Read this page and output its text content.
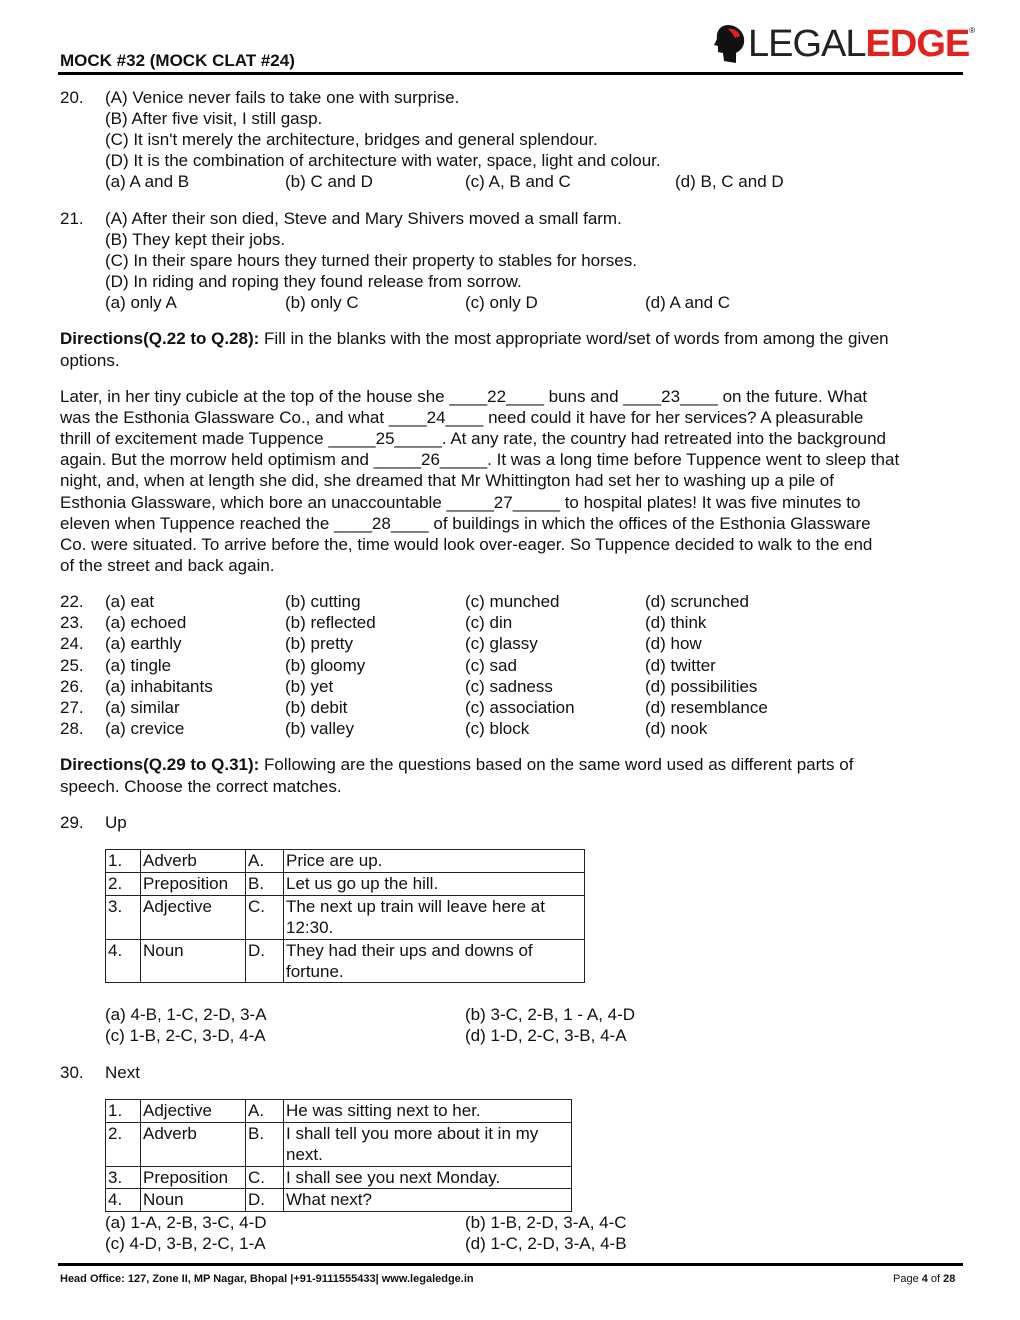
MOCK #32 (MOCK CLAT #24)	LEGAL EDGE ®
20. (A) Venice never fails to take one with surprise.
(B) After five visit, I still gasp.
(C) It isn't merely the architecture, bridges and general splendour.
(D) It is the combination of architecture with water, space, light and colour.
(a) A and B	(b) C and D	(c) A, B and C	(d) B, C and D
21. (A) After their son died, Steve and Mary Shivers moved a small farm.
(B) They kept their jobs.
(C) In their spare hours they turned their property to stables for horses.
(D) In riding and roping they found release from sorrow.
(a) only A	(b) only C	(c) only D	(d) A and C
Directions(Q.22 to Q.28): Fill in the blanks with the most appropriate word/set of words from among the given
options.
Later, in her tiny cubicle at the top of the house she ____22____ buns and ____23____ on the future. What
was the Esthonia Glassware Co., and what ____24____ need could it have for her services? A pleasurable
thrill of excitement made Tuppence _____25_____. At any rate, the country had retreated into the background
again. But the morrow held optimism and _____26_____. It was a long time before Tuppence went to sleep that
night, and, when at length she did, she dreamed that Mr Whittington had set her to washing up a pile of
Esthonia Glassware, which bore an unaccountable _____27_____ to hospital plates! It was five minutes to
eleven when Tuppence reached the ____28____ of buildings in which the offices of the Esthonia Glassware
Co. were situated. To arrive before the, time would look over-eager. So Tuppence decided to walk to the end
of the street and back again.
22. (a) eat	(b) cutting	(c) munched	(d) scrunched
23. (a) echoed	(b) reflected	(c) din	(d) think
24. (a) earthly	(b) pretty	(c) glassy	(d) how
25. (a) tingle	(b) gloomy	(c) sad	(d) twitter
26. (a) inhabitants	(b) yet	(c) sadness	(d) possibilities
27. (a) similar	(b) debit	(c) association	(d) resemblance
28. (a) crevice	(b) valley	(c) block	(d) nook
Directions(Q.29 to Q.31): Following are the questions based on the same word used as different parts of
speech. Choose the correct matches.
29. Up
1.	Adverb	A.	Price are up.
2.	Preposition	B.	Let us go up the hill.
3.	Adjective	C.	The next up train will leave here at 12:30.
4.	Noun	D.	They had their ups and downs of fortune.
(a) 4-B, 1-C, 2-D, 3-A	(b) 3-C, 2-B, 1 - A, 4-D
(c) 1-B, 2-C, 3-D, 4-A	(d) 1-D, 2-C, 3-B, 4-A
30. Next
1.	Adjective	A.	He was sitting next to her.
2.	Adverb	B.	I shall tell you more about it in my next.
3.	Preposition	C.	I shall see you next Monday.
4.	Noun	D.	What next?
(a) 1-A, 2-B, 3-C, 4-D	(b) 1-B, 2-D, 3-A, 4-C
(c) 4-D, 3-B, 2-C, 1-A	(d) 1-C, 2-D, 3-A, 4-B
Head Office: 127, Zone II, MP Nagar, Bhopal |+91-9111555433| www.legaledge.in	Page 4 of 28
